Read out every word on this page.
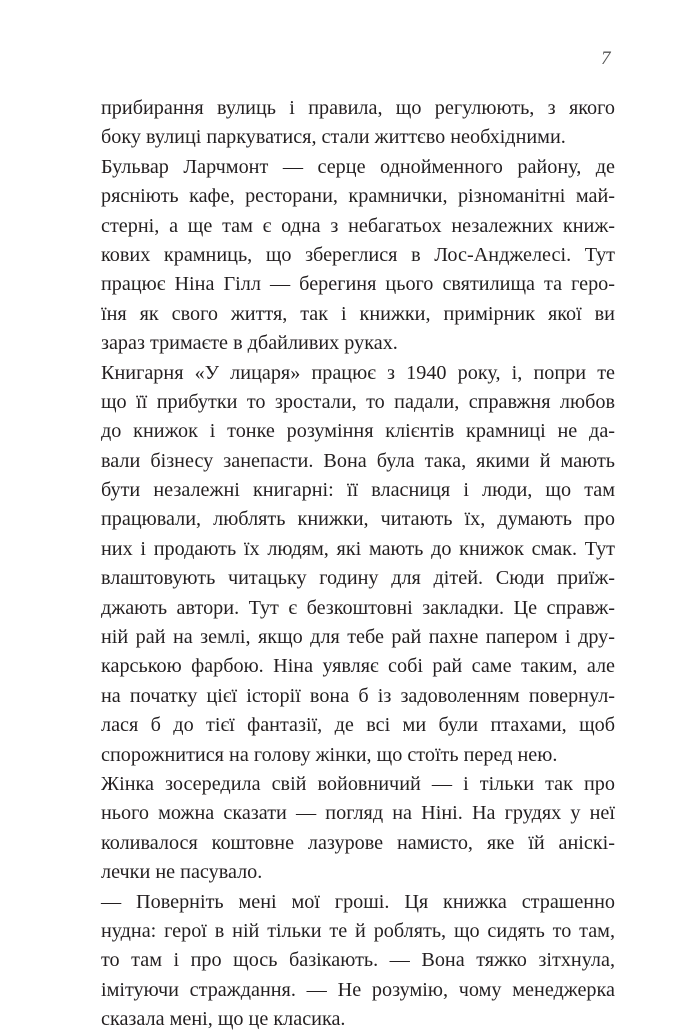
7
прибирання вулиць і правила, що регулюють, з якого
боку вулиці паркуватися, стали життєво необхідними.
Бульвар Ларчмонт — серце однойменного району, де
ряснiють кафе, ресторани, крамнички, рiзноманiтнi май-
стернi, а ще там є одна з небагатьох незалежних книж-
кових крамниць, що збереглися в Лос-Анджелесi. Тут
працює Нiна Гiлл — берегиня цього святилища та геро-
їня як свого життя, так i книжки, примiрник якої ви
зараз тримаєте в дбайливих руках.
Книгарня «У лицаря» працює з 1940 року, i, попри те
що її прибутки то зростали, то падали, справжня любов
до книжок i тонке розумiння клiєнтiв крамницi не да-
вали бiзнесу занепасти. Вона була така, якими й мають
бути незалежнi книгарнi: її власниця i люди, що там
працювали, люблять книжки, читають їх, думають про
них i продають їх людям, якi мають до книжок смак. Тут
влаштовують читацьку годину для дiтей. Сюди приїж-
джають автори. Тут є безкоштовнi закладки. Це справж-
нiй рай на землi, якщо для тебе рай пахне папером i дру-
карською фарбою. Нiна уявляє собi рай саме таким, але
на початку цiєї iсторiї вона б iз задоволенням повернул-
лася б до тiєї фантазiї, де всi ми були птахами, щоб
спорожнитися на голову жiнки, що стоїть перед нею.
Жiнка зосередила свiй войовничий — i тiльки так про
нього можна сказати — погляд на Нiнi. На грудях у неї
коливалося коштовне лазурове намисто, яке їй анiскi-
лечки не пасувало.
— Повернiть менi мої грошi. Ця книжка страшенно
нудна: герої в нiй тiльки те й роблять, що сидять то там,
то там i про щось базiкають. — Вона тяжко зiтхнула,
iмiтуючи страждання. — Не розумiю, чому менеджерка
сказала менi, що це класика.
